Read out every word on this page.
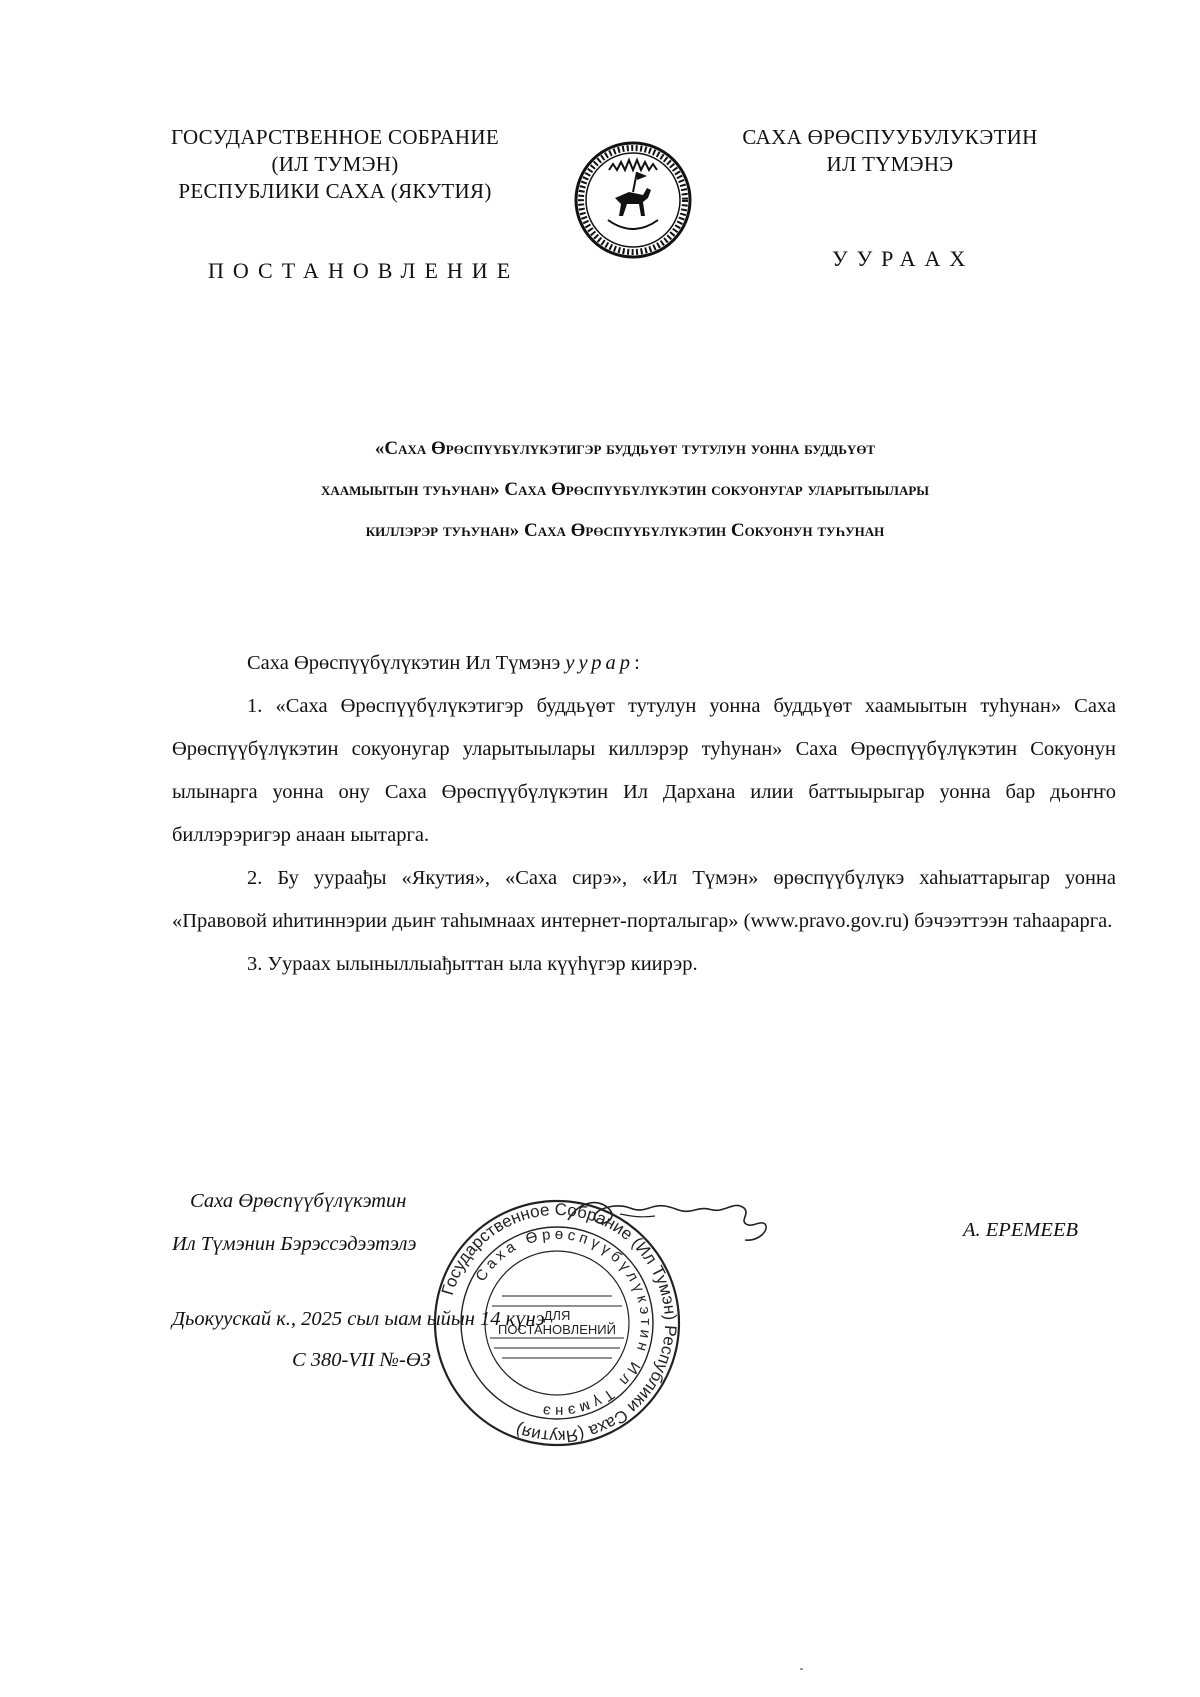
ГОСУДАРСТВЕННОЕ СОБРАНИЕ
(ИЛ ТУМЭН)
РЕСПУБЛИКИ САХА (ЯКУТИЯ)
САХА ӨРӨСПУУБУЛУКЭТИН
ИЛ ТҮМЭНЭ
ПОСТАНОВЛЕНИЕ	УУРААХ
«Саха Өрөспүүбүлүкэтигэр буддьүөт тутулун уонна буддьүөт
хаамыытын туһунан» Саха Өрөспүүбүлүкэтин сокуонугар уларытыылары
киллэрэр туһунан» Саха Өрөспүүбүлүкэтин Сокуонун туһунан

Саха Өрөспүүбүлүкэтин Ил Түмэнэ уурар:

1. «Саха Өрөспүүбүлүкэтигэр буддьүөт тутулун уонна буддьүөт хаамыытын туһунан» Саха Өрөспүүбүлүкэтин сокуонугар уларытыылары киллэрэр туһунан» Саха Өрөспүүбүлүкэтин Сокуонун ылынарга уонна ону Саха Өрөспүүбүлүкэтин Ил Дархана илии баттыырыгар уонна бар дьоҥҥо биллэрэригэр анаан ыытарга.

2. Бу уураађы «Якутия», «Саха сирэ», «Ил Түмэн» өрөспүүбүлүкэ хаһыаттарыгар уонна «Правовой иһитиннэрии дьиҥ таһымнаах интернет-порталыгар» (www.pravo.gov.ru) бэчээттээн таһаарарга.

3. Уураах ылыныллыађыттан ыла күүһүгэр киирэр.

Саха Өрөспүүбүлүкэтин
Ил Түмэнин Бэрэссэдээтэлэ
А. ЕРЕМЕЕВ
Дьокуускай к., 2025 сыл ыам ыйын 14 күнэ
С 380-VII №-ӨЗ
Государственное Собрание (Ил Тумэн) Республики Саха (Якутия)
Саха Өрөспүүбүлүкэтин Ил Түмэнэ
ДЛЯ
ПОСТАНОВЛЕНИЙ
